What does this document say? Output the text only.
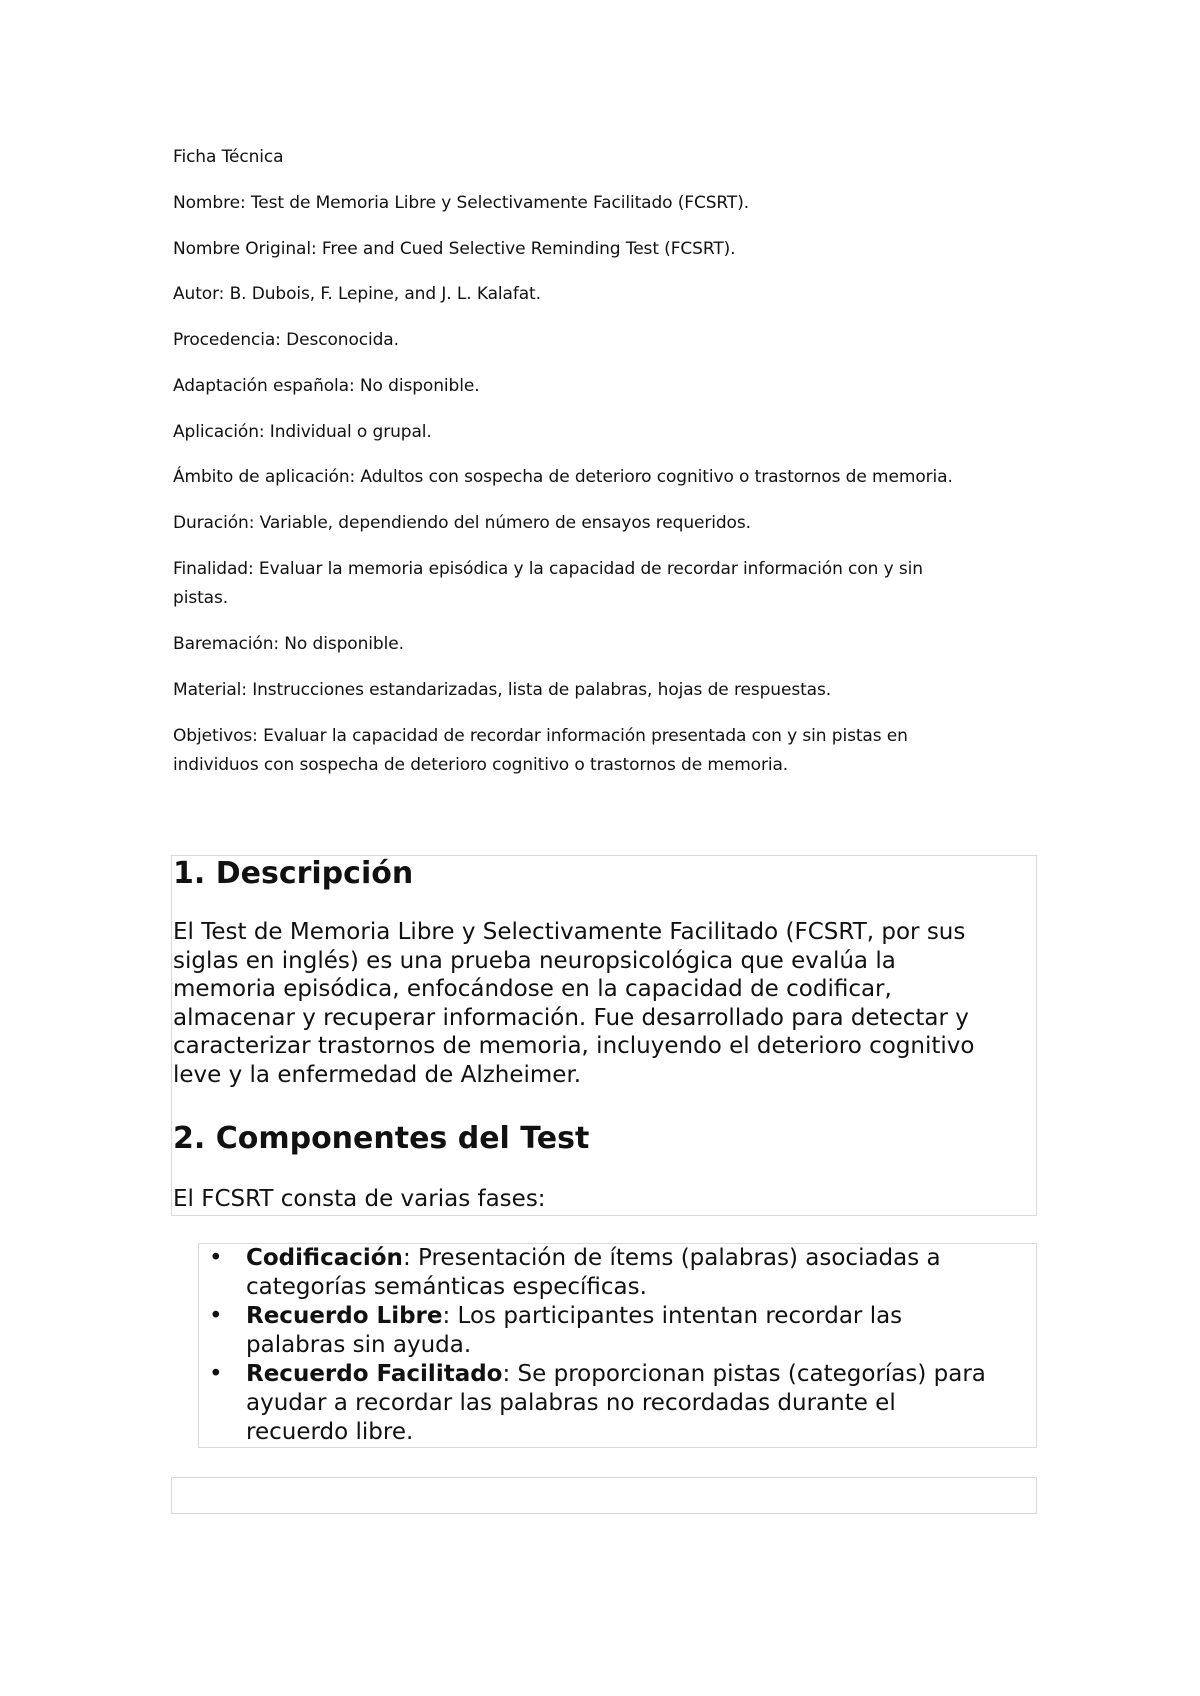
Ficha Técnica

Nombre: Test de Memoria Libre y Selectivamente Facilitado (FCSRT).

Nombre Original: Free and Cued Selective Reminding Test (FCSRT).

Autor: B. Dubois, F. Lepine, and J. L. Kalafat.

Procedencia: Desconocida.

Adaptación española: No disponible.

Aplicación: Individual o grupal.

Ámbito de aplicación: Adultos con sospecha de deterioro cognitivo o trastornos de memoria.

Duración: Variable, dependiendo del número de ensayos requeridos.

Finalidad: Evaluar la memoria episódica y la capacidad de recordar información con y sin

pistas.

Baremación: No disponible.

Material: Instrucciones estandarizadas, lista de palabras, hojas de respuestas.

Objetivos: Evaluar la capacidad de recordar información presentada con y sin pistas en

individuos con sospecha de deterioro cognitivo o trastornos de memoria.

1. Descripción

El Test de Memoria Libre y Selectivamente Facilitado (FCSRT, por sus

siglas en inglés) es una prueba neuropsicológica que evalúa la

memoria episódica, enfocándose en la capacidad de codificar,

almacenar y recuperar información. Fue desarrollado para detectar y

caracterizar trastornos de memoria, incluyendo el deterioro cognitivo

leve y la enfermedad de Alzheimer.

2. Componentes del Test

El FCSRT consta de varias fases:

• Codificación: Presentación de ítems (palabras) asociadas a
categorías semánticas específicas.
• Recuerdo Libre: Los participantes intentan recordar las
palabras sin ayuda.
• Recuerdo Facilitado: Se proporcionan pistas (categorías) para
ayudar a recordar las palabras no recordadas durante el
recuerdo libre.
